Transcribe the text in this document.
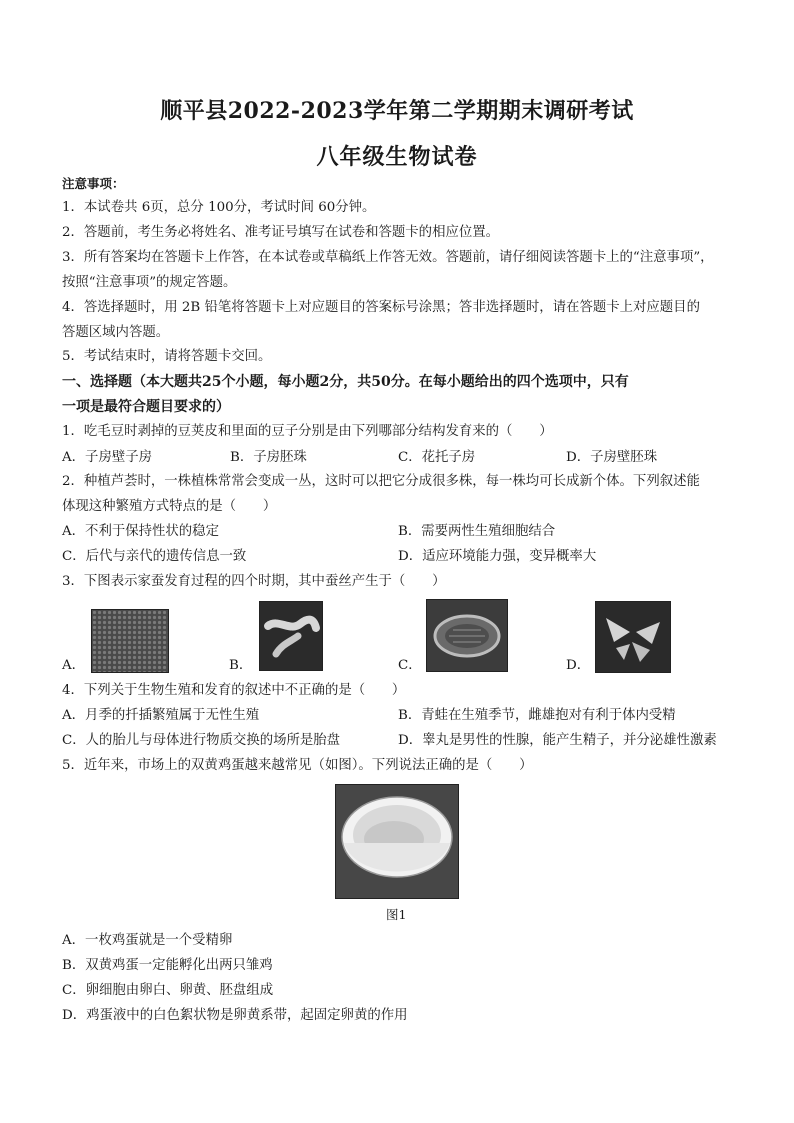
顺平县2022-2023学年第二学期期末调研考试
八年级生物试卷
注意事项：
1．本试卷共 6页，总分 100分，考试时间 60分钟。
2．答题前，考生务必将姓名、准考证号填写在试卷和答题卡的相应位置。
3．所有答案均在答题卡上作答，在本试卷或草稿纸上作答无效。答题前，请仔细阅读答题卡上的“注意事项”，
按照“注意事项”的规定答题。
4．答选择题时，用 2B 铅笔将答题卡上对应题目的答案标号涂黑；答非选择题时，请在答题卡上对应题目的
答题区域内答题。
5．考试结束时，请将答题卡交回。
一、选择题（本大题共25个小题，每小题2分，共50分。在每小题给出的四个选项中，只有
一项是最符合题目要求的）
1．吃毛豆时剥掉的豆荚皮和里面的豆子分别是由下列哪部分结构发育来的（　　）
A．子房壁子房	B．子房胚珠	C．花托子房	D．子房壁胚珠
2．种植芦荟时，一株植株常常会变成一丛，这时可以把它分成很多株，每一株均可长成新个体。下列叙述能
体现这种繁殖方式特点的是（　　）
A．不利于保持性状的稳定	B．需要两性生殖细胞结合
C．后代与亲代的遗传信息一致	D．适应环境能力强，变异概率大
3．下图表示家蚕发育过程的四个时期，其中蚕丝产生于（　　）
A．	B．	C．	D．
4．下列关于生物生殖和发育的叙述中不正确的是（　　）
A．月季的扦插繁殖属于无性生殖	B．青蛙在生殖季节，雌雄抱对有利于体内受精
C．人的胎儿与母体进行物质交换的场所是胎盘	D．睾丸是男性的性腺，能产生精子，并分泌雄性激素
5．近年来，市场上的双黄鸡蛋越来越常见（如图）。下列说法正确的是（　　）
图1
A．一枚鸡蛋就是一个受精卵
B．双黄鸡蛋一定能孵化出两只雏鸡
C．卵细胞由卵白、卵黄、胚盘组成
D．鸡蛋液中的白色絮状物是卵黄系带，起固定卵黄的作用
